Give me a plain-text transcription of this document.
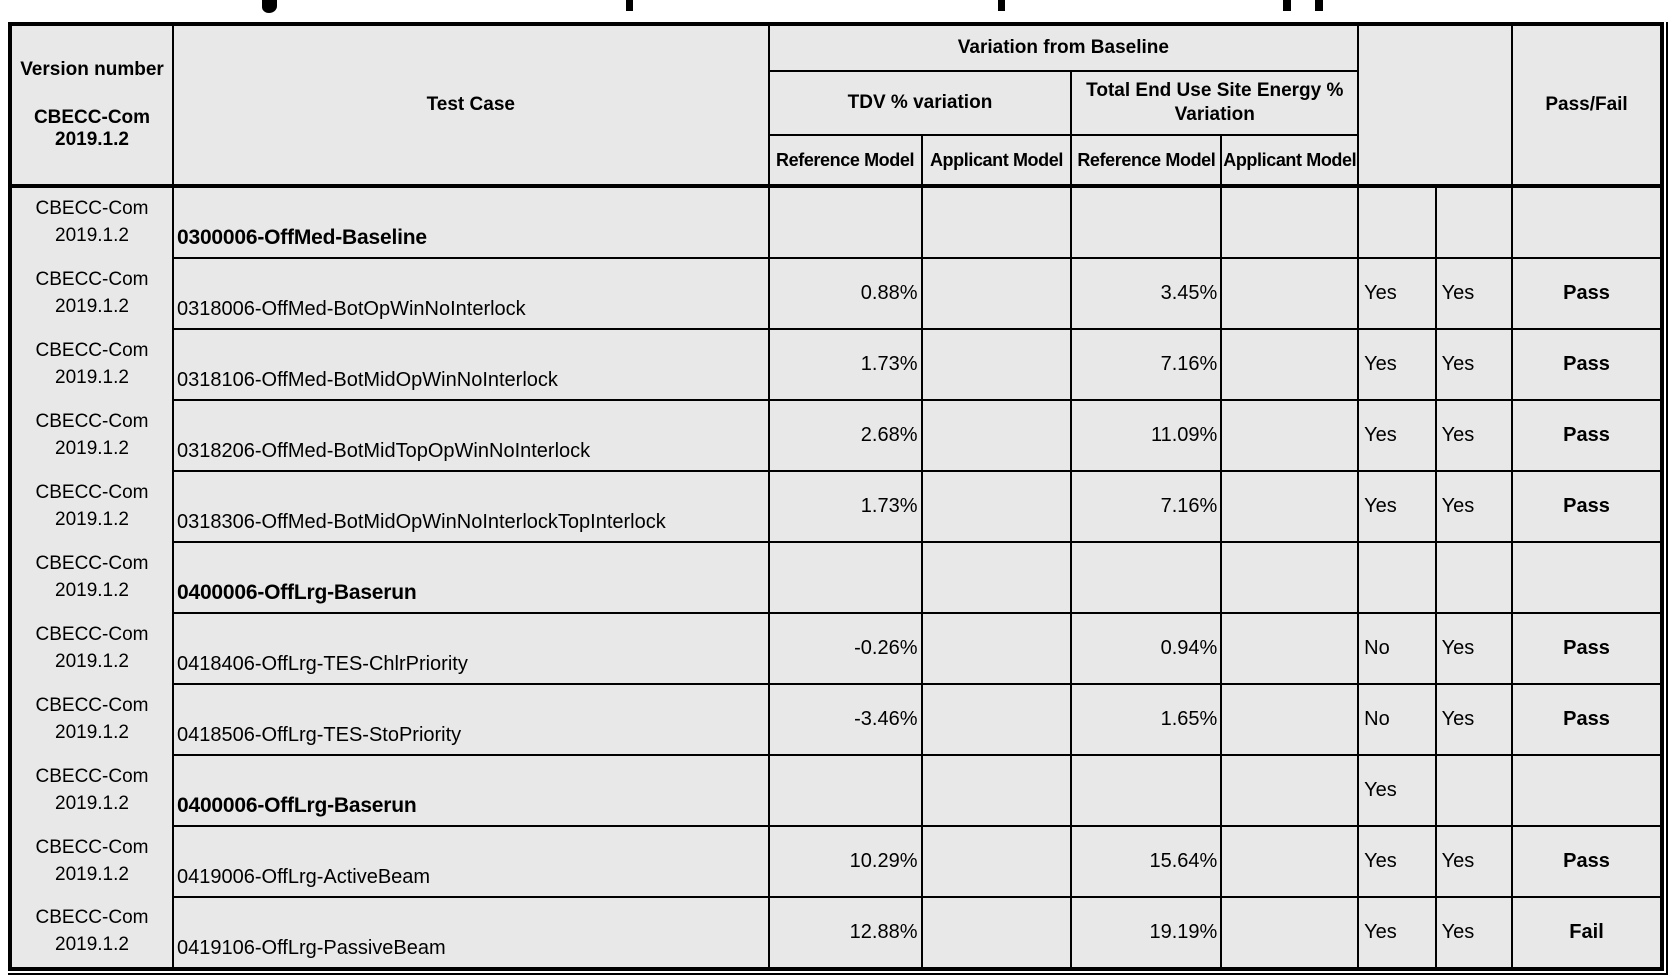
Version number
CBECC-Com 2019.1.2	Test Case	Variation from Baseline						Pass/Fail
		TDV % variation		Total End Use Site Energy % Variation				
		Reference Model	Applicant Model	Reference Model	Applicant Model			
CBECC-Com 2019.1.2	0300006-OffMed-Baseline							
CBECC-Com 2019.1.2	0318006-OffMed-BotOpWinNoInterlock	0.88%		3.45%		Yes	Yes	Pass
CBECC-Com 2019.1.2	0318106-OffMed-BotMidOpWinNoInterlock	1.73%		7.16%		Yes	Yes	Pass
CBECC-Com 2019.1.2	0318206-OffMed-BotMidTopOpWinNoInterlock	2.68%		11.09%		Yes	Yes	Pass
CBECC-Com 2019.1.2	0318306-OffMed-BotMidOpWinNoInterlockTopInterlock	1.73%		7.16%		Yes	Yes	Pass
CBECC-Com 2019.1.2	0400006-OffLrg-Baserun							
CBECC-Com 2019.1.2	0418406-OffLrg-TES-ChlrPriority	-0.26%		0.94%		No	Yes	Pass
CBECC-Com 2019.1.2	0418506-OffLrg-TES-StoPriority	-3.46%		1.65%		No	Yes	Pass
CBECC-Com 2019.1.2	0400006-OffLrg-Baserun					Yes		
CBECC-Com 2019.1.2	0419006-OffLrg-ActiveBeam	10.29%		15.64%		Yes	Yes	Pass
CBECC-Com 2019.1.2	0419106-OffLrg-PassiveBeam	12.88%		19.19%		Yes	Yes	Fail
